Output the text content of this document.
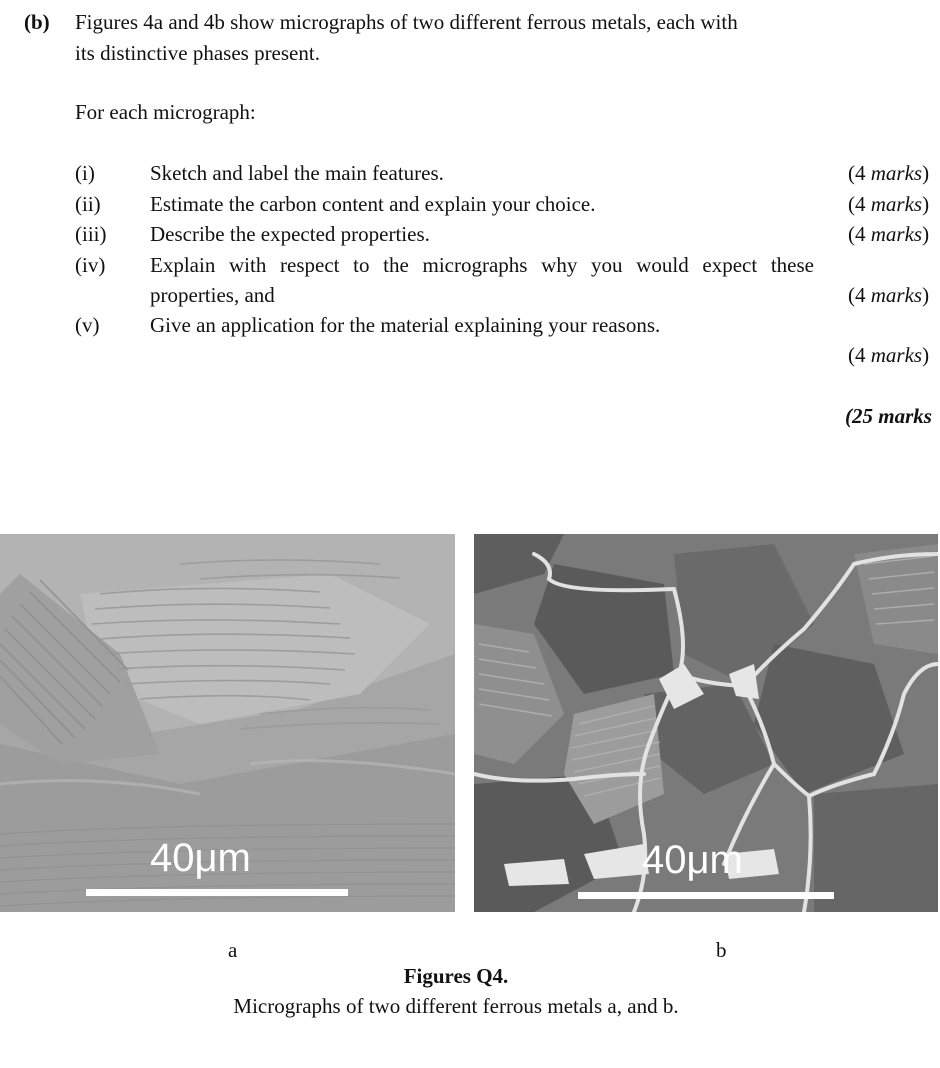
(b) Figures 4a and 4b show micrographs of two different ferrous metals, each with
its distinctive phases present.
For each micrograph:
(i)	Sketch and label the main features.	(4 marks)
(ii) Estimate the carbon content and explain your choice.	(4 marks)
(iii) Describe the expected properties.	(4 marks)
(iv) Explain with respect to the micrographs why you would expect these
properties, and	(4 marks)
(v) Give an application for the material explaining your reasons.
(4 marks)
(25 marks
40μm	40μm
a	b
Figures Q4.
Micrographs of two different ferrous metals a, and b.
